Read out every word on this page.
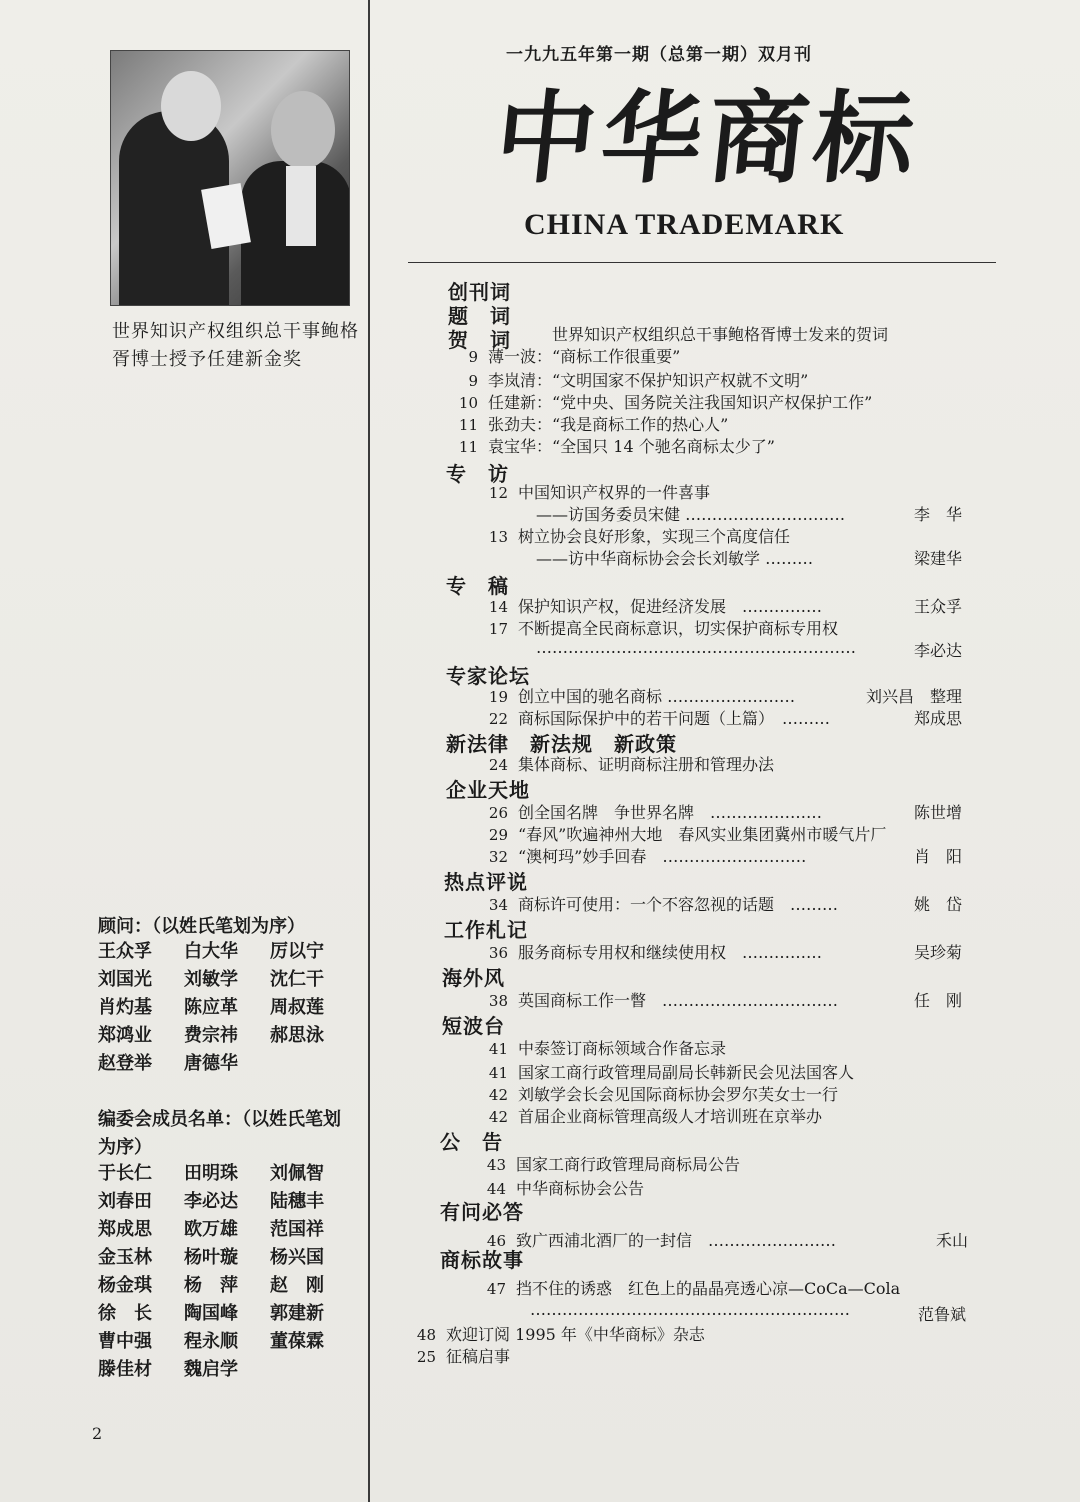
世界知识产权组织总干事鲍格胥博士授予任建新金奖
顾问：（以姓氏笔划为序）
王众孚	白大华	厉以宁
刘国光	刘敏学	沈仁干
肖灼基	陈应革	周叔莲
郑鸿业	费宗祎	郝思泳
赵登举	唐德华
编委会成员名单：（以姓氏笔划为序）
于长仁	田明珠	刘佩智
刘春田	李必达	陆穗丰
郑成思	欧万雄	范国祥
金玉林	杨叶璇	杨兴国
杨金琪	杨　萍	赵　刚
徐　长	陶国峰	郭建新
曹中强	程永顺	董葆霖
滕佳材	魏启学
2
一九九五年第一期（总第一期）双月刊
中华商标
CHINA TRADEMARK
创刊词
题　词
贺　词	世界知识产权组织总干事鲍格胥博士发来的贺词
9 薄一波：“商标工作很重要”
9 李岚清：“文明国家不保护知识产权就不文明”
10 任建新：“党中央、国务院关注我国知识产权保护工作”
11 张劲夫：“我是商标工作的热心人”
11 袁宝华：“全国只 14 个驰名商标太少了”
专　访
12 中国知识产权界的一件喜事
——访国务委员宋健 …………………………	李　华
13 树立协会良好形象，实现三个高度信任
——访中华商标协会会长刘敏学 ………	梁建华
专　稿
14 保护知识产权，促进经济发展　……………	王众孚
17 不断提高全民商标意识，切实保护商标专用权
……………………………………………………	李必达
专家论坛
19 创立中国的驰名商标 ……………………	刘兴昌　整理
22 商标国际保护中的若干问题（上篇）　………	郑成思
新法律　新法规　新政策
24 集体商标、证明商标注册和管理办法
企业天地
26 创全国名牌　争世界名牌　…………………	陈世增
29 “春风”吹遍神州大地　春风实业集团冀州市暖气片厂
32 “澳柯玛”妙手回春　………………………	肖　阳
热点评说
34 商标许可使用：一个不容忽视的话题　………	姚　岱
工作札记
36 服务商标专用权和继续使用权　……………	吴珍菊
海外风
38 英国商标工作一瞥　……………………………	任　刚
短波台
41 中泰签订商标领域合作备忘录
41 国家工商行政管理局副局长韩新民会见法国客人
42 刘敏学会长会见国际商标协会罗尔芙女士一行
42 首届企业商标管理高级人才培训班在京举办
公　告
43 国家工商行政管理局商标局公告
44 中华商标协会公告
有问必答
46 致广西浦北酒厂的一封信　……………………	禾山
商标故事
47 挡不住的诱惑　红色上的晶晶亮透心凉—CoCa—Cola
……………………………………………………	范鲁斌
48 欢迎订阅 1995 年《中华商标》杂志
25 征稿启事
